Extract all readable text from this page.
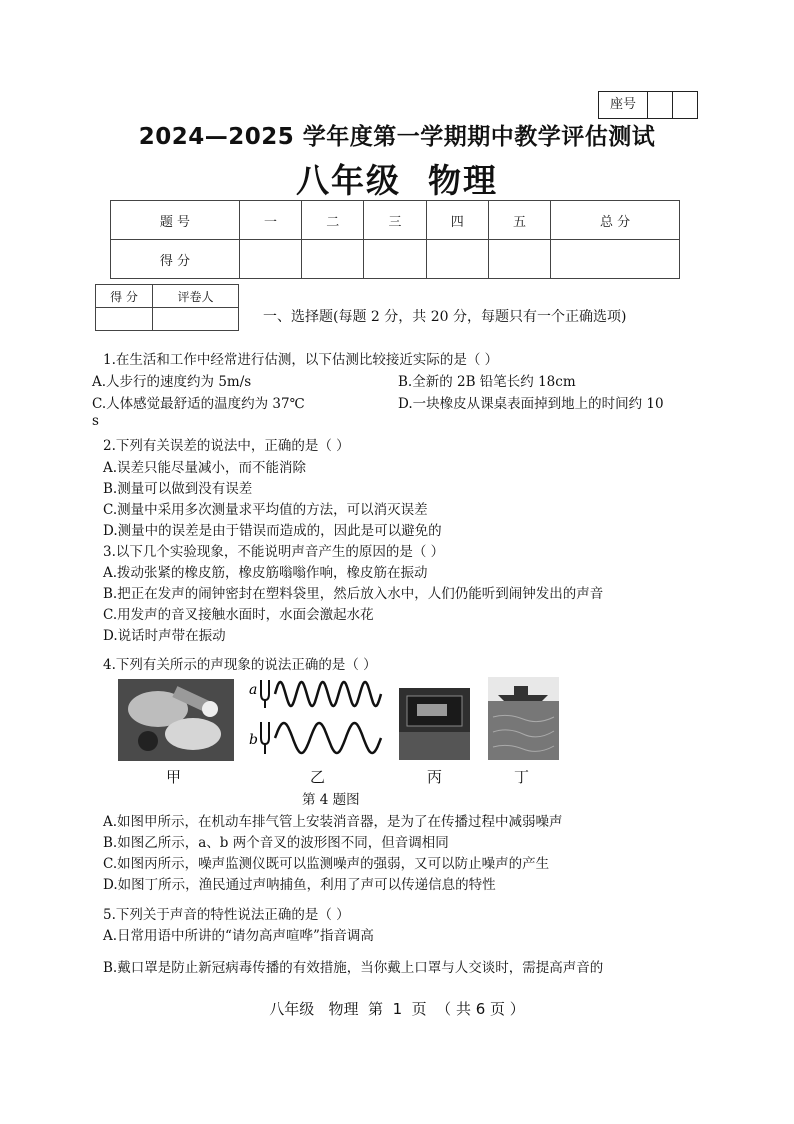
座号
2024—2025 学年度第一学期期中教学评估测试
八年级  物理
题 号	一	二	三	四	五	总 分
得 分						
得 分	评卷人

一、选择题(每题 2 分，共 20 分，每题只有一个正确选项)
1.在生活和工作中经常进行估测，以下估测比较接近实际的是（ ）
A.人步行的速度约为 5m/s	B.全新的 2B 铅笔长约 18cm
C.人体感觉最舒适的温度约为 37℃	D.一块橡皮从课桌表面掉到地上的时间约 10
s
2.下列有关误差的说法中，正确的是（ ）
A.误差只能尽量减小，而不能消除
B.测量可以做到没有误差
C.测量中采用多次测量求平均值的方法，可以消灭误差
D.测量中的误差是由于错误而造成的，因此是可以避免的
3.以下几个实验现象，不能说明声音产生的原因的是（ ）
A.拨动张紧的橡皮筋，橡皮筋嗡嗡作响，橡皮筋在振动
B.把正在发声的闹钟密封在塑料袋里，然后放入水中，人们仍能听到闹钟发出的声音
C.用发声的音叉接触水面时，水面会激起水花
D.说话时声带在振动
4.下列有关所示的声现象的说法正确的是（ ）
甲
a
b
乙	丙	丁
第 4 题图
A.如图甲所示，在机动车排气管上安装消音器，是为了在传播过程中减弱噪声
B.如图乙所示，a、b 两个音叉的波形图不同，但音调相同
C.如图丙所示，噪声监测仪既可以监测噪声的强弱，又可以防止噪声的产生
D.如图丁所示，渔民通过声呐捕鱼，利用了声可以传递信息的特性
5.下列关于声音的特性说法正确的是（ ）
A.日常用语中所讲的“请勿高声喧哗”指音调高
B.戴口罩是防止新冠病毒传播的有效措施，当你戴上口罩与人交谈时，需提高声音的
八年级   物理  第  1  页  （ 共 6 页 ）
